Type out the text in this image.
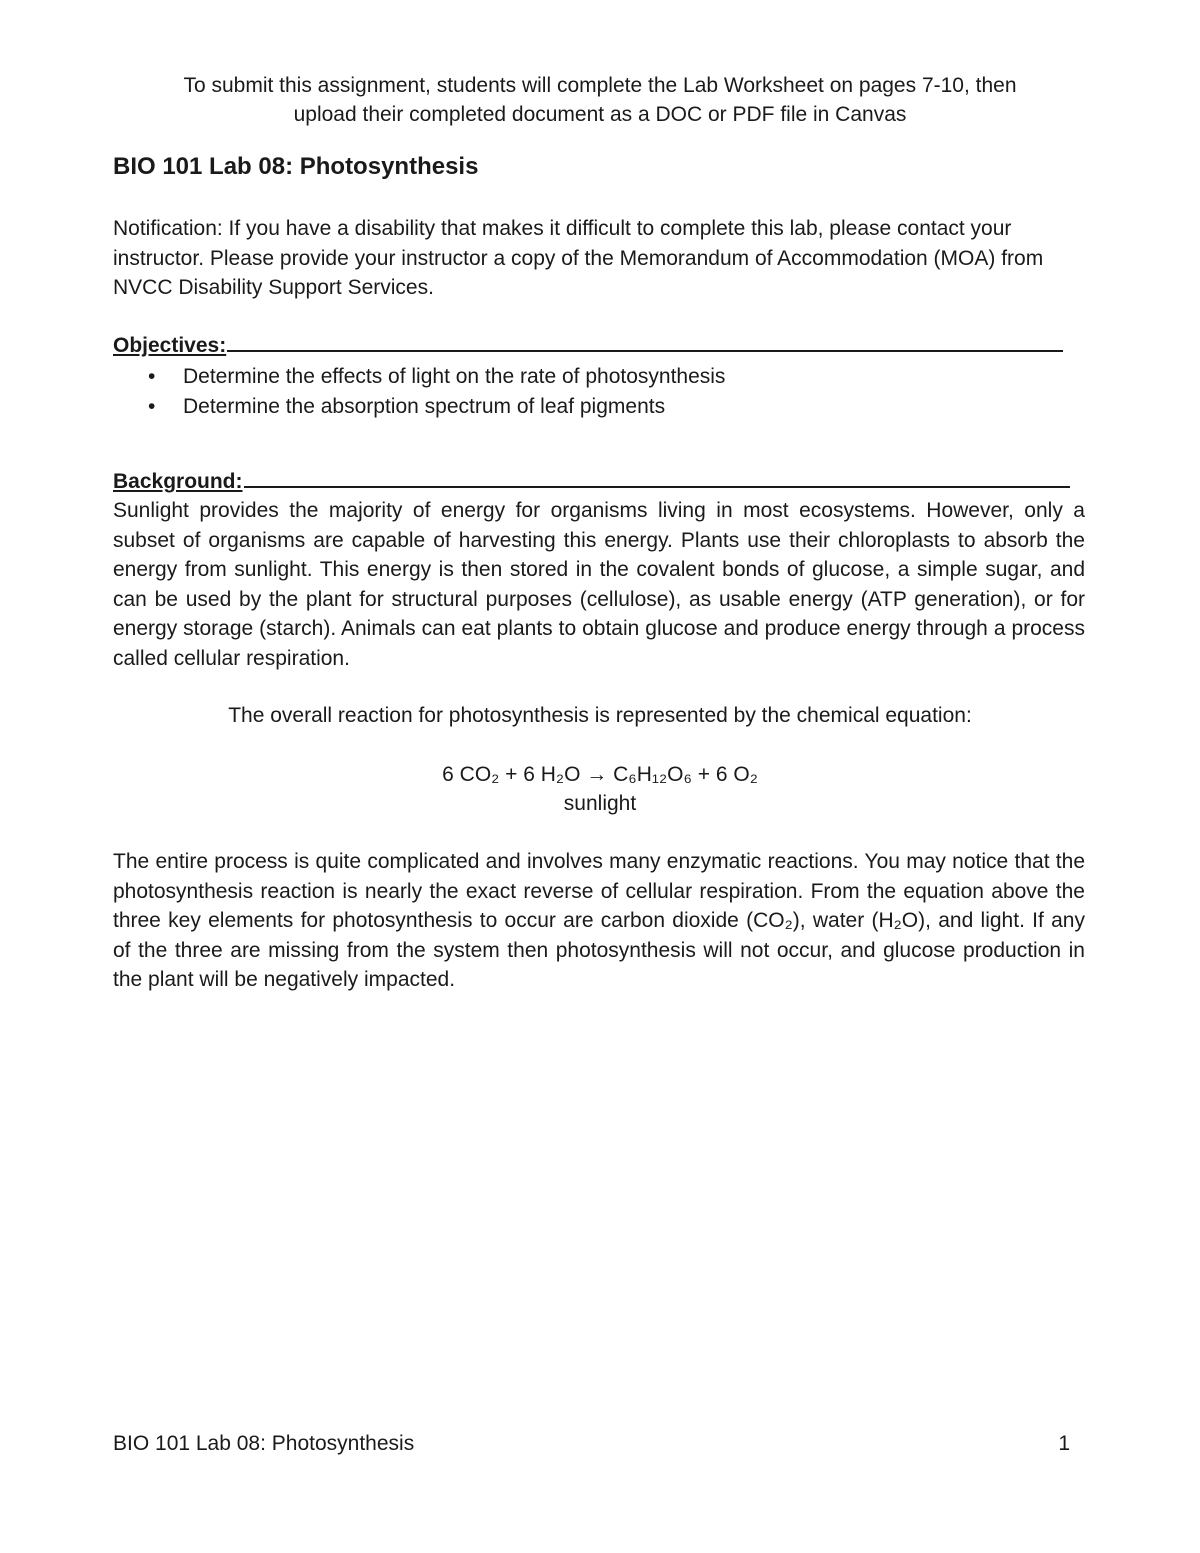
To submit this assignment, students will complete the Lab Worksheet on pages 7-10, then
upload their completed document as a DOC or PDF file in Canvas
BIO 101 Lab 08: Photosynthesis
Notification: If you have a disability that makes it difficult to complete this lab, please contact your instructor. Please provide your instructor a copy of the Memorandum of Accommodation (MOA) from NVCC Disability Support Services.
Objectives:
• Determine the effects of light on the rate of photosynthesis
• Determine the absorption spectrum of leaf pigments
Background:
Sunlight provides the majority of energy for organisms living in most ecosystems. However, only a subset of organisms are capable of harvesting this energy. Plants use their chloroplasts to absorb the energy from sunlight. This energy is then stored in the covalent bonds of glucose, a simple sugar, and can be used by the plant for structural purposes (cellulose), as usable energy (ATP generation), or for energy storage (starch). Animals can eat plants to obtain glucose and produce energy through a process called cellular respiration.
The overall reaction for photosynthesis is represented by the chemical equation:
6 CO₂ + 6 H₂O → C₆H₁₂O₆ + 6 O₂
sunlight
The entire process is quite complicated and involves many enzymatic reactions. You may notice that the photosynthesis reaction is nearly the exact reverse of cellular respiration. From the equation above the three key elements for photosynthesis to occur are carbon dioxide (CO₂), water (H₂O), and light. If any of the three are missing from the system then photosynthesis will not occur, and glucose production in the plant will be negatively impacted.
BIO 101 Lab 08: Photosynthesis	1
